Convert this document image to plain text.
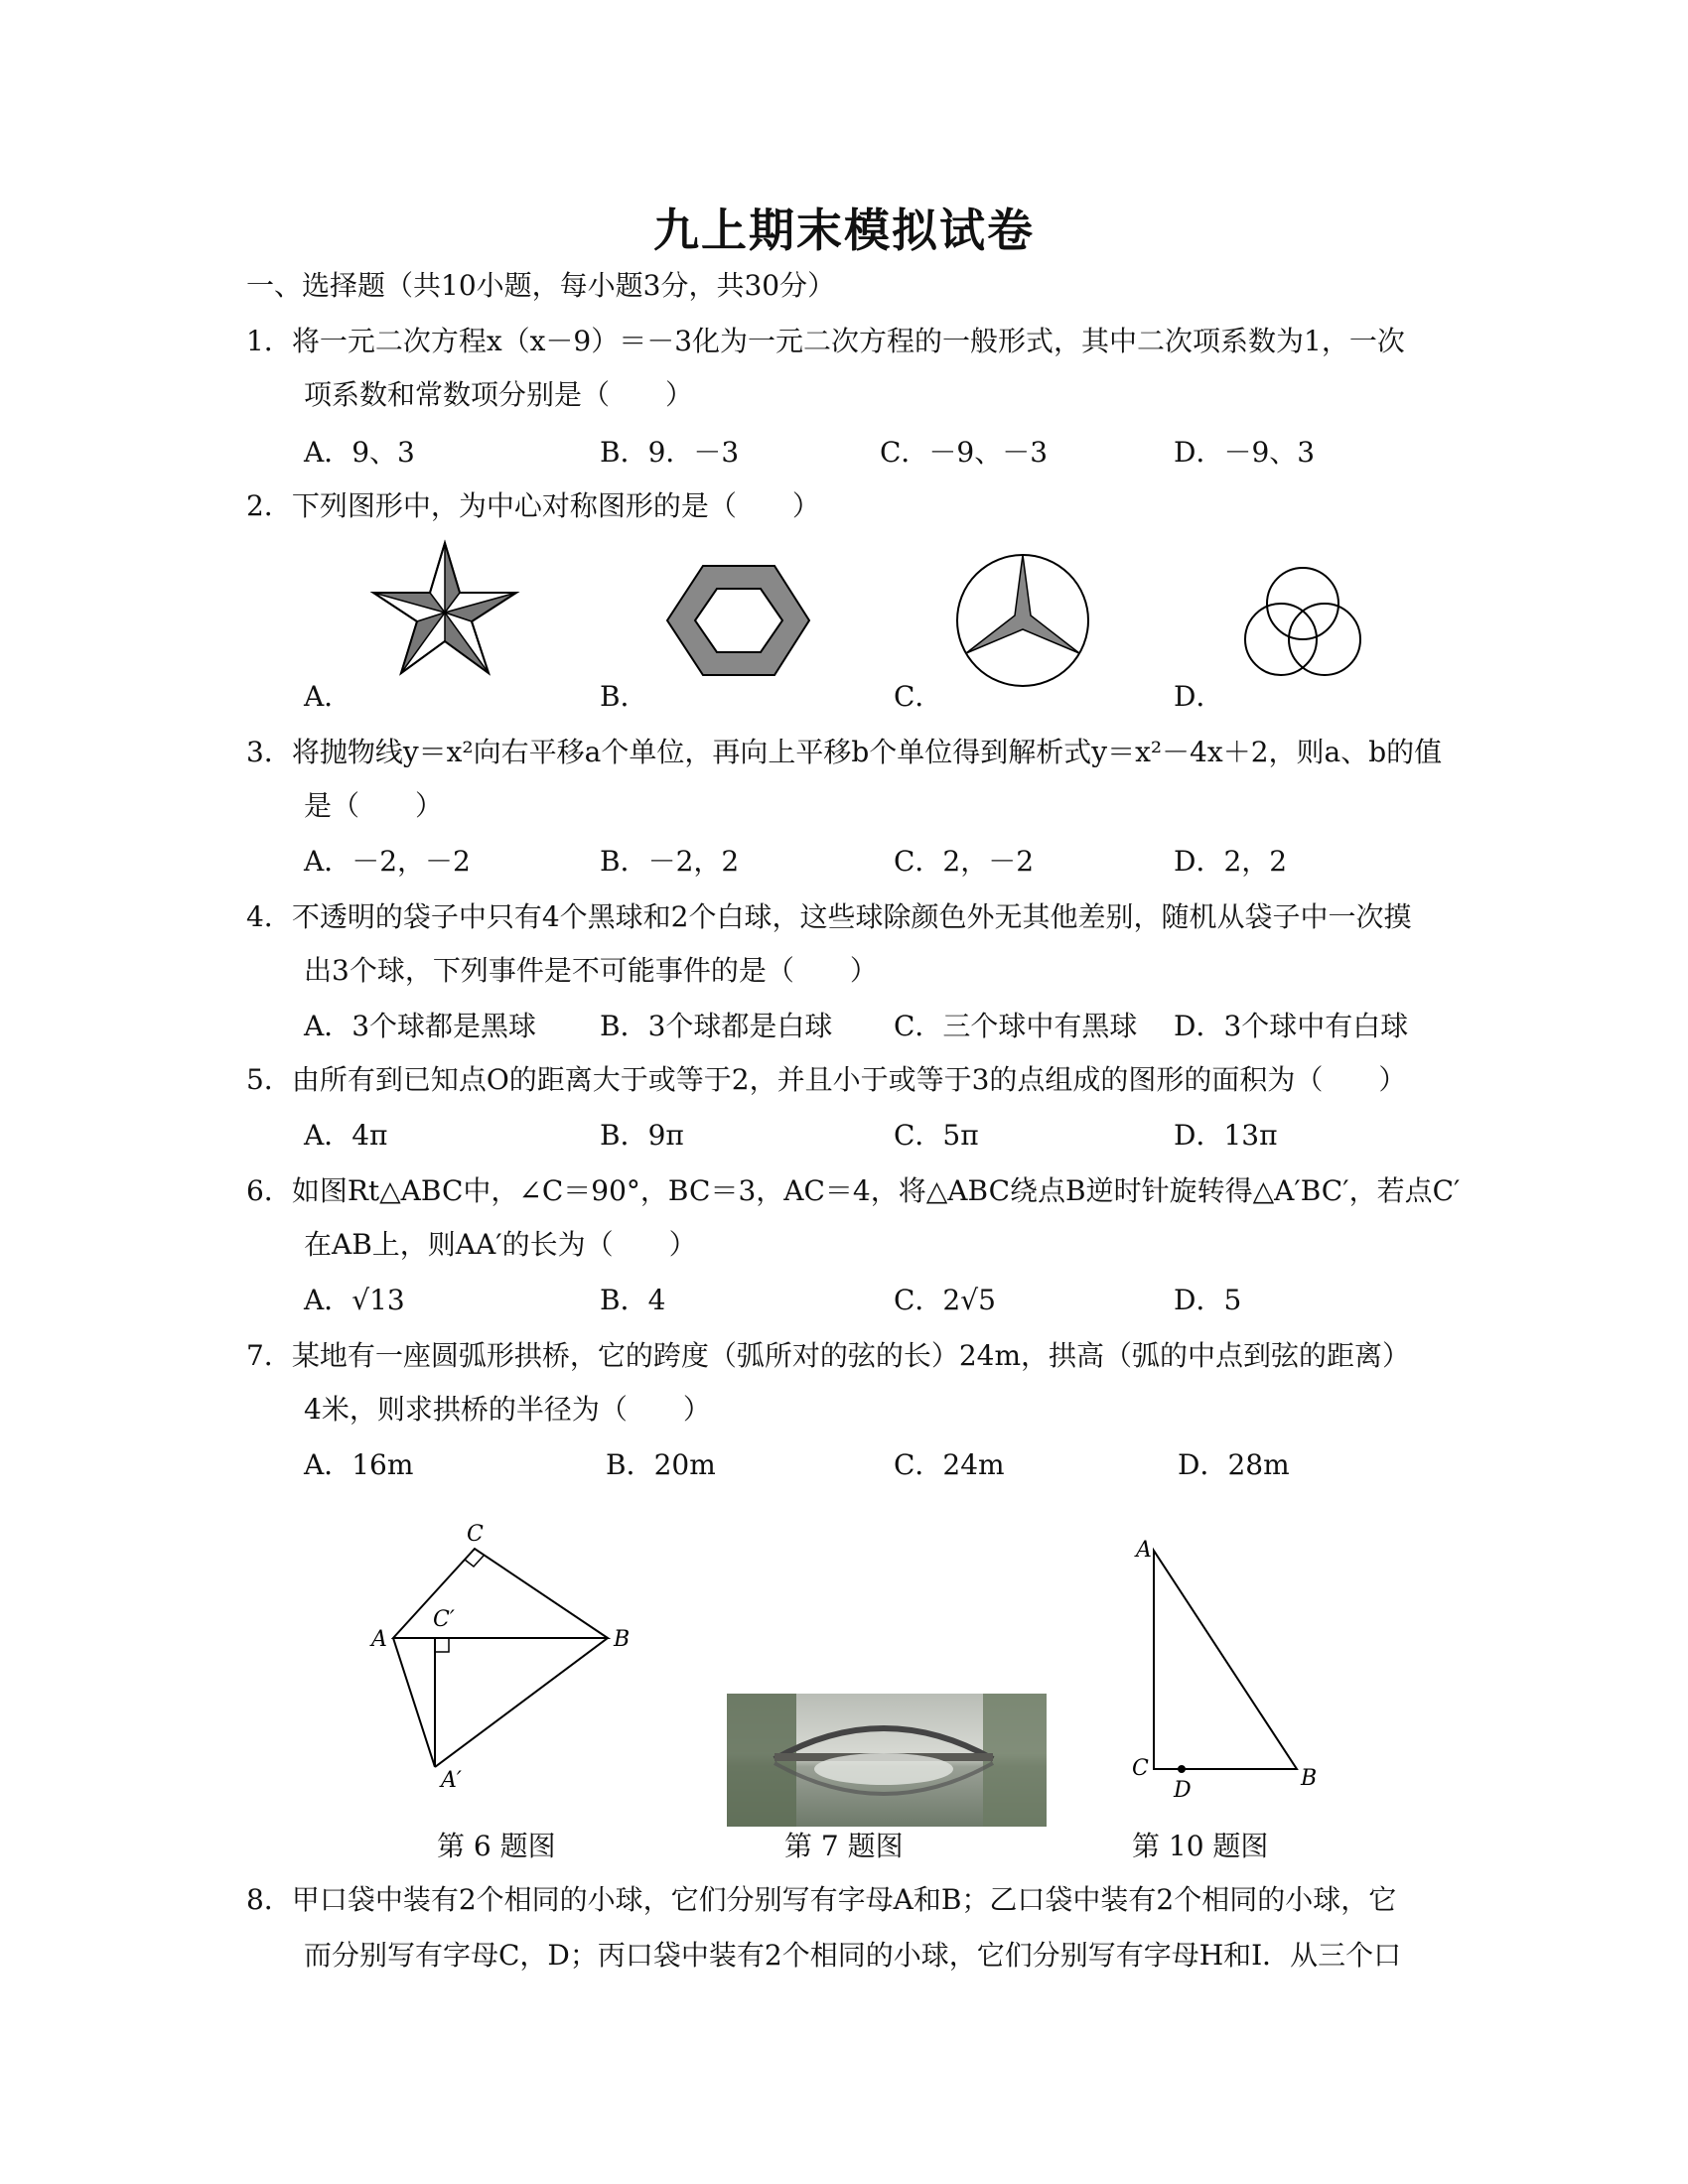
九上期末模拟试卷
一、选择题（共10小题，每小题3分，共30分）
1．将一元二次方程x（x－9）＝－3化为一元二次方程的一般形式，其中二次项系数为1，一次
项系数和常数项分别是（　　）
A．9、3	B．9．－3	C．－9、－3	D．－9、3
2．下列图形中，为中心对称图形的是（　　）
A．	B．	C．	D．
3．将抛物线y＝x²向右平移a个单位，再向上平移b个单位得到解析式y＝x²－4x＋2，则a、b的值
是（　　）
A．－2，－2	B．－2，2	C．2，－2	D．2，2
4．不透明的袋子中只有4个黑球和2个白球，这些球除颜色外无其他差别，随机从袋子中一次摸
出3个球，下列事件是不可能事件的是（　　）
A．3个球都是黑球 B．3个球都是白球 C．三个球中有黑球 D．3个球中有白球
5．由所有到已知点O的距离大于或等于2，并且小于或等于3的点组成的图形的面积为（　　）
A．4π	B．9π	C．5π	D．13π
6．如图Rt△ABC中，∠C＝90°，BC＝3，AC＝4，将△ABC绕点B逆时针旋转得△A′BC′，若点C′
在AB上，则AA′的长为（　　）
A．√13	B．4	C．2√5	D．5
7．某地有一座圆弧形拱桥，它的跨度（弧所对的弦的长）24m，拱高（弧的中点到弦的距离）
4米，则求拱桥的半径为（　　）
A．16m	B．20m	C．24m	D．28m
C
A
C′
B
A′
A
C
D	B
第 6 题图	第 7 题图	第 10 题图
8．甲口袋中装有2个相同的小球，它们分别写有字母A和B；乙口袋中装有2个相同的小球，它
而分别写有字母C，D；丙口袋中装有2个相同的小球，它们分别写有字母H和I．从三个口
